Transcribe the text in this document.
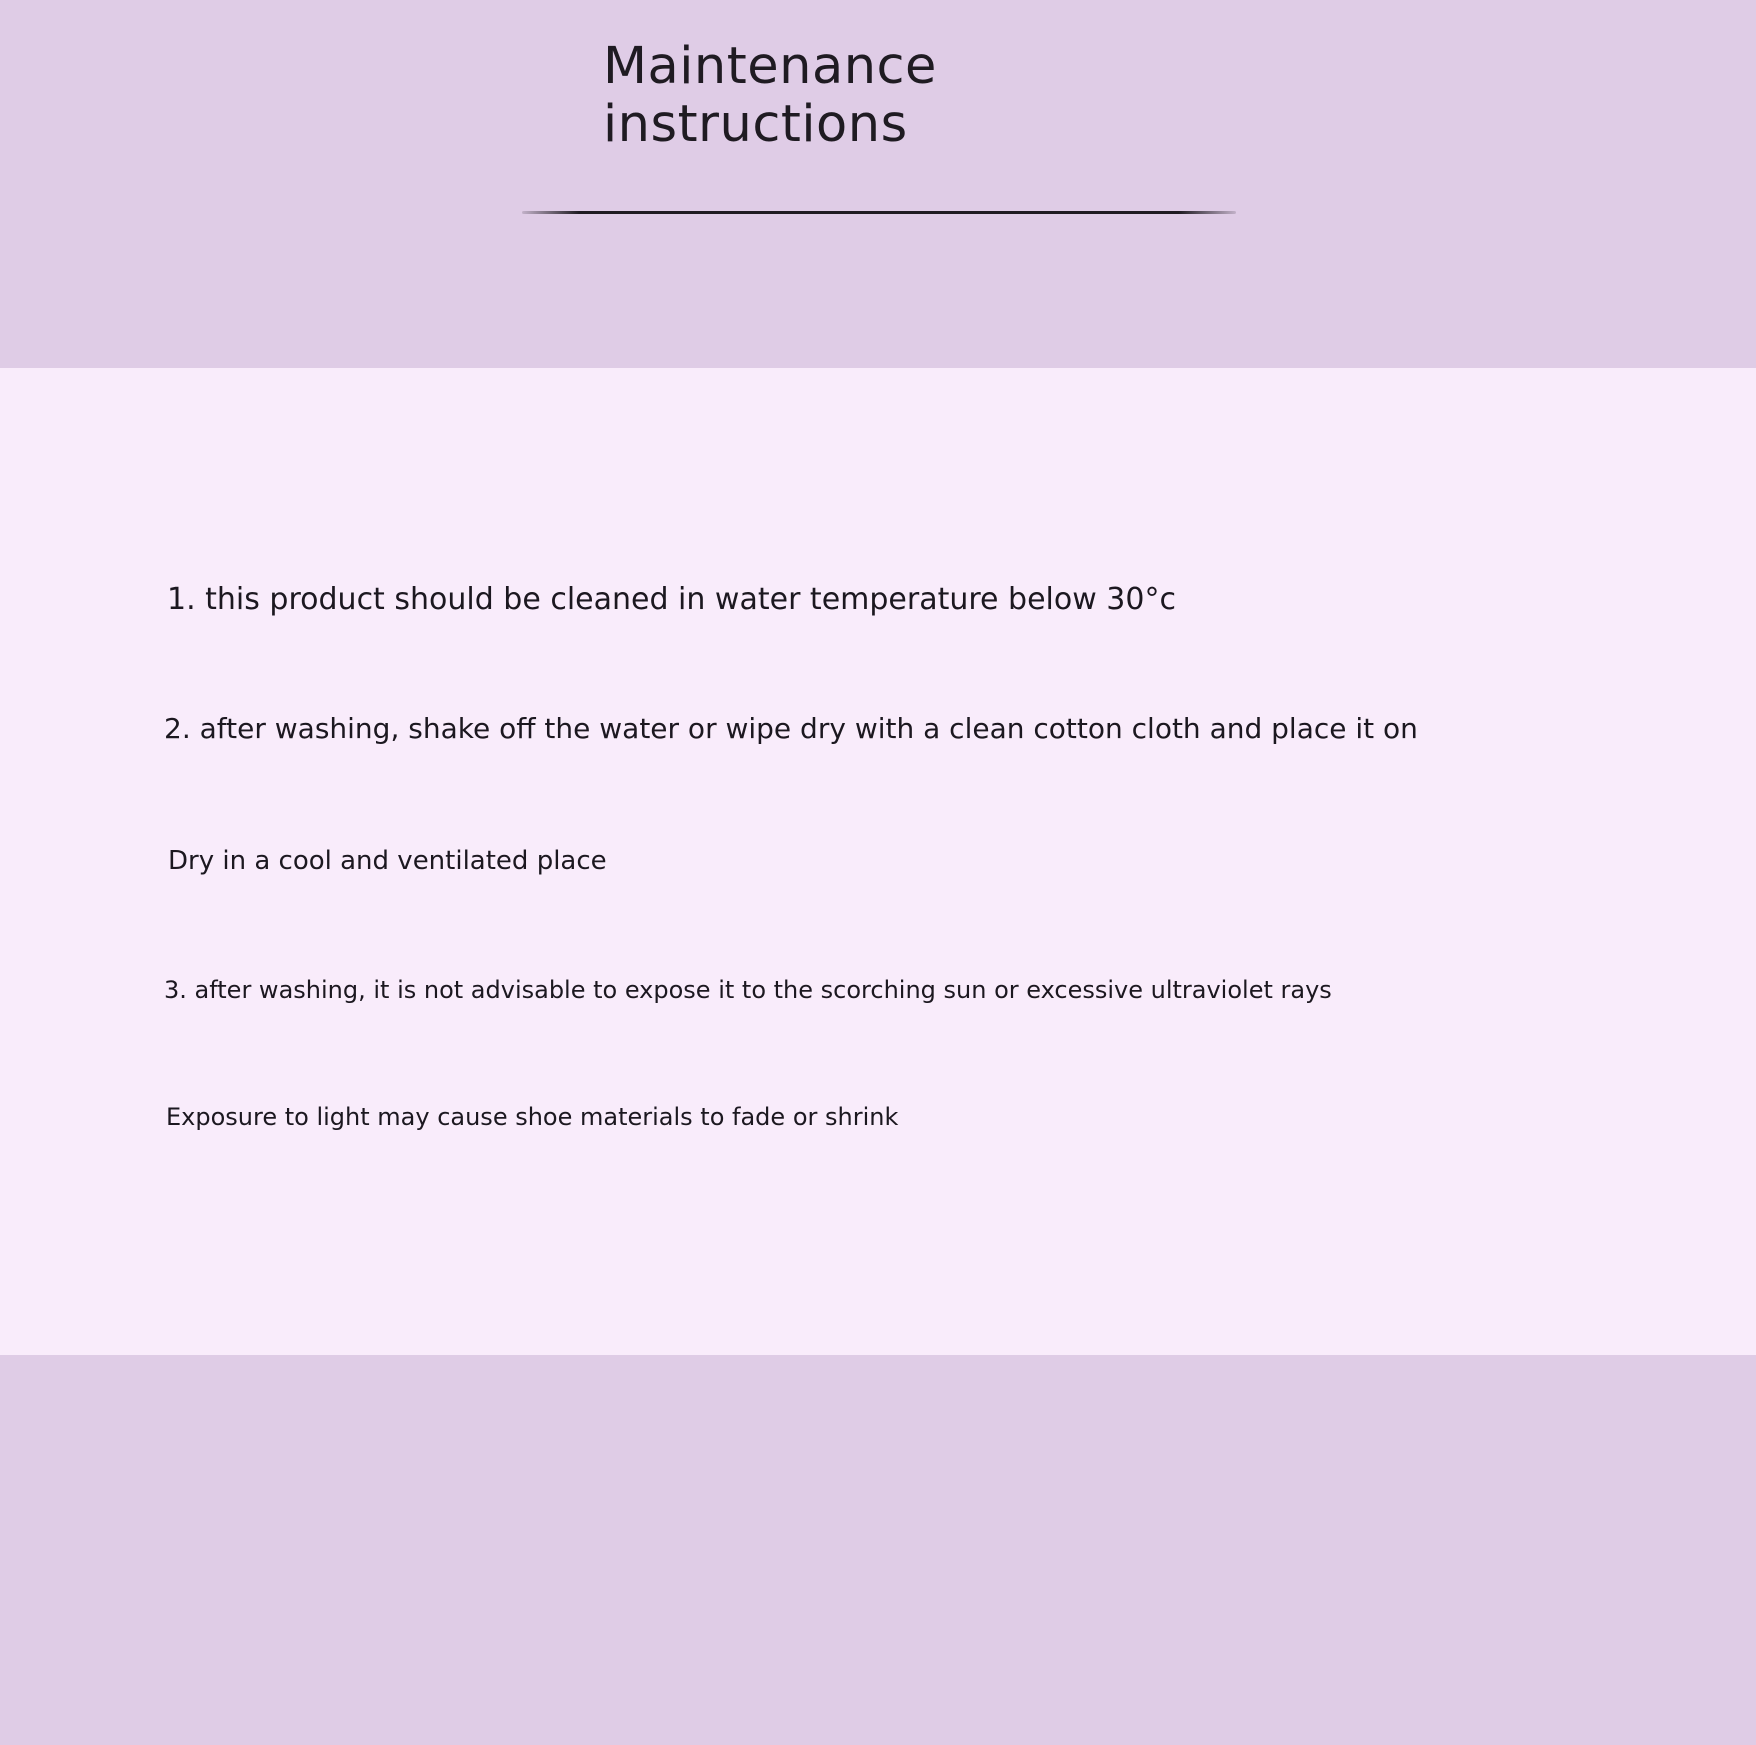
Maintenance
instructions
1. this product should be cleaned in water temperature below 30°c
2. after washing, shake off the water or wipe dry with a clean cotton cloth and place it on
Dry in a cool and ventilated place
3. after washing, it is not advisable to expose it to the scorching sun or excessive ultraviolet rays
Exposure to light may cause shoe materials to fade or shrink
